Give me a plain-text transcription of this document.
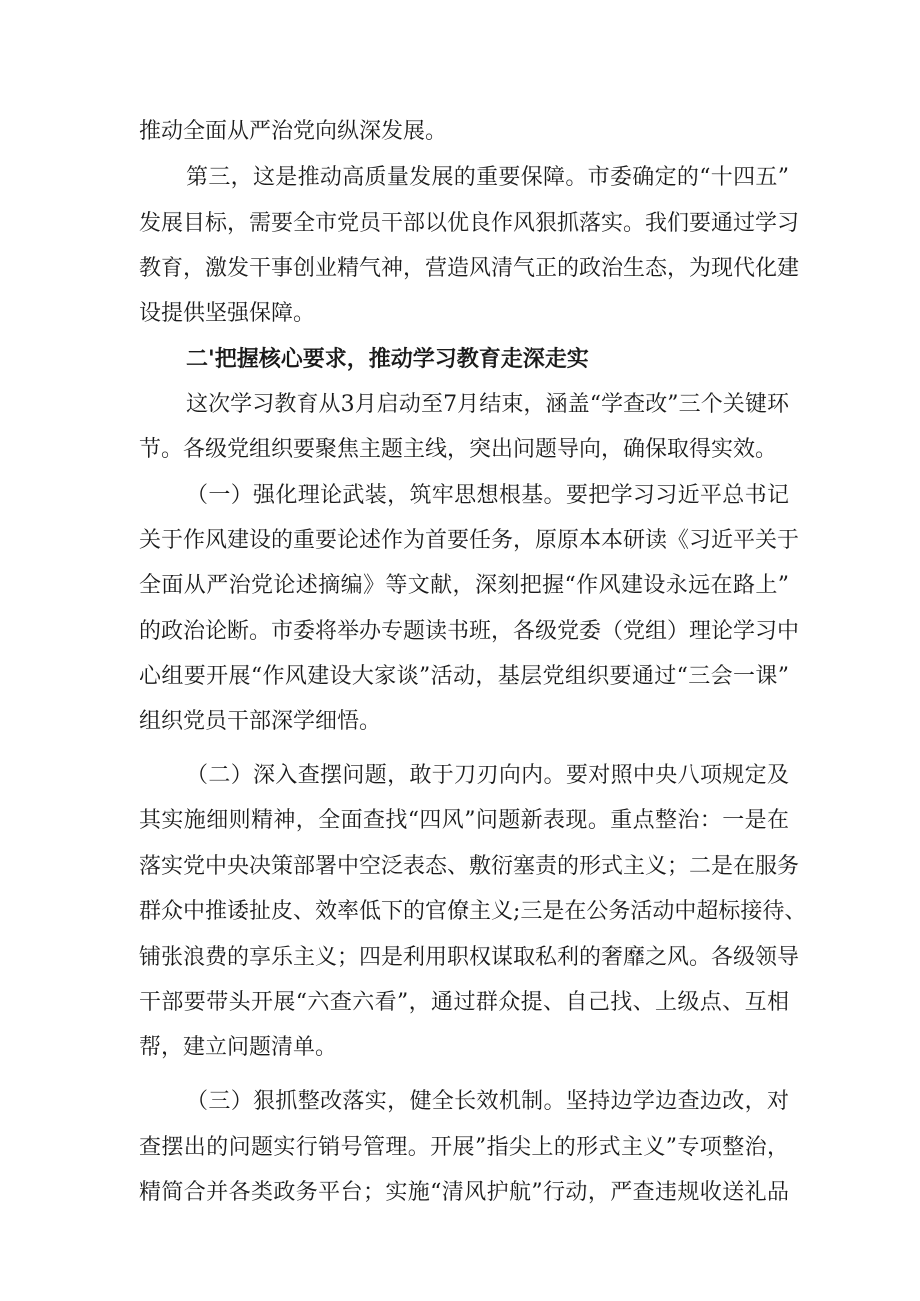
推动全面从严治党向纵深发展。
第三，这是推动高质量发展的重要保障。市委确定的“十四五”
发展目标，需要全市党员干部以优良作风狠抓落实。我们要通过学习
教育，激发干事创业精气神，营造风清气正的政治生态，为现代化建
设提供坚强保障。
二'把握核心要求，推动学习教育走深走实
这次学习教育从3月启动至7月结束，涵盖“学查改”三个关键环
节。各级党组织要聚焦主题主线，突出问题导向，确保取得实效。
（一）强化理论武装，筑牢思想根基。要把学习习近平总书记
关于作风建设的重要论述作为首要任务，原原本本研读《习近平关于
全面从严治党论述摘编》等文献，深刻把握“作风建设永远在路上”
的政治论断。市委将举办专题读书班，各级党委（党组）理论学习中
心组要开展“作风建设大家谈”活动，基层党组织要通过“三会一课”
组织党员干部深学细悟。
（二）深入查摆问题，敢于刀刃向内。要对照中央八项规定及
其实施细则精神，全面查找“四风”问题新表现。重点整治：一是在
落实党中央决策部署中空泛表态、敷衍塞责的形式主义；二是在服务
群众中推诿扯皮、效率低下的官僚主义;三是在公务活动中超标接待、
铺张浪费的享乐主义；四是利用职权谋取私利的奢靡之风。各级领导
干部要带头开展“六查六看”，通过群众提、自己找、上级点、互相
帮，建立问题清单。
（三）狠抓整改落实，健全长效机制。坚持边学边查边改，对
查摆出的问题实行销号管理。开展”指尖上的形式主义”专项整治，
精简合并各类政务平台；实施“清风护航”行动，严查违规收送礼品
